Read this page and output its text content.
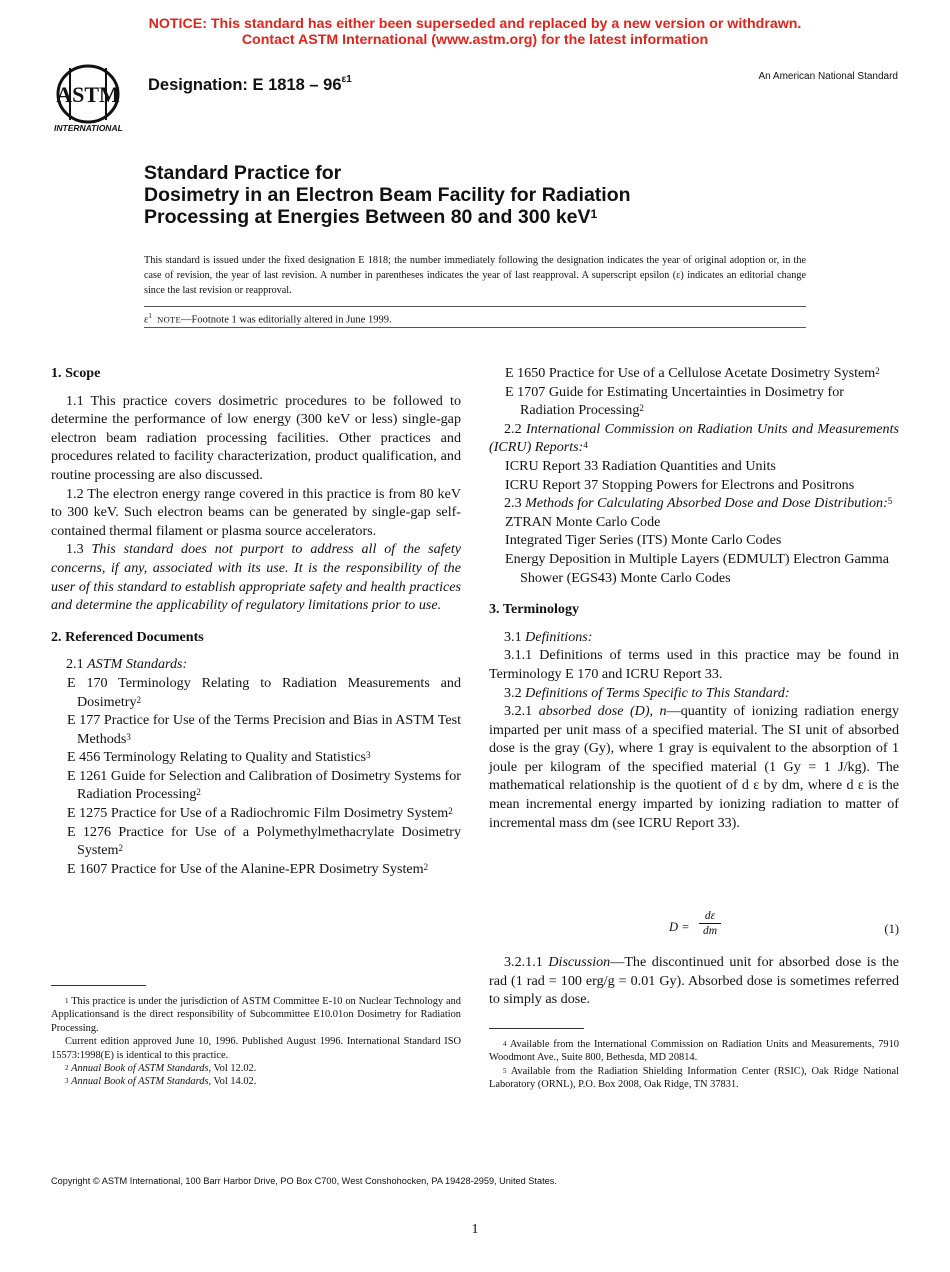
NOTICE: This standard has either been superseded and replaced by a new version or withdrawn.
Contact ASTM International (www.astm.org) for the latest information
ASTM
INTERNATIONAL
Designation: E $1818 - 96^{\varepsilon 1}$	An American National Standard
Standard Practice for
Dosimetry in an Electron Beam Facility for Radiation
Processing at Energies Between 80 and 300 keV$^1$
This standard is issued under the fixed designation E 1818; the number immediately following the designation indicates the year of original adoption or, in the case of revision, the year of last revision. A number in parentheses indicates the year of last reapproval. A superscript epsilon (ε) indicates an editorial change since the last revision or reapproval.
$\varepsilon^1$ NOTE—Footnote 1 was editorially altered in June 1999.

1. Scope

1.1 This practice covers dosimetric procedures to be followed to determine the performance of low energy (300 keV or less) single-gap electron beam radiation processing facilities. Other practices and procedures related to facility characterization, product qualification, and routine processing are also discussed.

1.2 The electron energy range covered in this practice is from 80 keV to 300 keV. Such electron beams can be generated by single-gap self-contained thermal filament or plasma source accelerators.

1.3 This standard does not purport to address all of the safety concerns, if any, associated with its use. It is the responsibility of the user of this standard to establish appropriate safety and health practices and determine the applicability of regulatory limitations prior to use.

2. Referenced Documents

2.1 ASTM Standards:

E 170 Terminology Relating to Radiation Measurements and Dosimetry$^2$

E 177 Practice for Use of the Terms Precision and Bias in ASTM Test Methods$^3$

E 456 Terminology Relating to Quality and Statistics$^3$

E 1261 Guide for Selection and Calibration of Dosimetry Systems for Radiation Processing$^2$

E 1275 Practice for Use of a Radiochromic Film Dosimetry System$^2$

E 1276 Practice for Use of a Polymethylmethacrylate Dosimetry System$^2$

E 1607 Practice for Use of the Alanine-EPR Dosimetry System$^2$

$^1$ This practice is under the jurisdiction of ASTM Committee E-10 on Nuclear Technology and Applicationsand is the direct responsibility of Subcommittee E10.01on Dosimetry for Radiation Processing.

Current edition approved June 10, 1996. Published August 1996. International Standard ISO 15573:1998(E) is identical to this practice.

$^2$ Annual Book of ASTM Standards, Vol 12.02.

$^3$ Annual Book of ASTM Standards, Vol 14.02.

E 1650 Practice for Use of a Cellulose Acetate Dosimetry System$^2$

E 1707 Guide for Estimating Uncertainties in Dosimetry for Radiation Processing$^2$

2.2 International Commission on Radiation Units and Measurements (ICRU) Reports:$^4$

ICRU Report 33 Radiation Quantities and Units

ICRU Report 37 Stopping Powers for Electrons and Positrons

2.3 Methods for Calculating Absorbed Dose and Dose Distribution:$^5$

ZTRAN Monte Carlo Code

Integrated Tiger Series (ITS) Monte Carlo Codes

Energy Deposition in Multiple Layers (EDMULT) Electron Gamma Shower (EGS43) Monte Carlo Codes

3. Terminology

3.1 Definitions:

3.1.1 Definitions of terms used in this practice may be found in Terminology E 170 and ICRU Report 33.

3.2 Definitions of Terms Specific to This Standard:

3.2.1 absorbed dose (D), n—quantity of ionizing radiation energy imparted per unit mass of a specified material. The SI unit of absorbed dose is the gray (Gy), where 1 gray is equivalent to the absorption of 1 joule per kilogram of the specified material (1 Gy = 1 J/kg). The mathematical relationship is the quotient of d ε by dm, where d ε is the mean incremental energy imparted by ionizing radiation to matter of incremental mass dm (see ICRU Report 33).

D =
dε
dm	(1)

3.2.1.1 Discussion—The discontinued unit for absorbed dose is the rad (1 rad = 100 erg/g = 0.01 Gy). Absorbed dose is sometimes referred to simply as dose.

$^4$ Available from the International Commission on Radiation Units and Measurements, 7910 Woodmont Ave., Suite 800, Bethesda, MD 20814.

$^5$ Available from the Radiation Shielding Information Center (RSIC), Oak Ridge National Laboratory (ORNL), P.O. Box 2008, Oak Ridge, TN 37831.

Copyright © ASTM International, 100 Barr Harbor Drive, PO Box C700, West Conshohocken, PA 19428-2959, United States.
1
